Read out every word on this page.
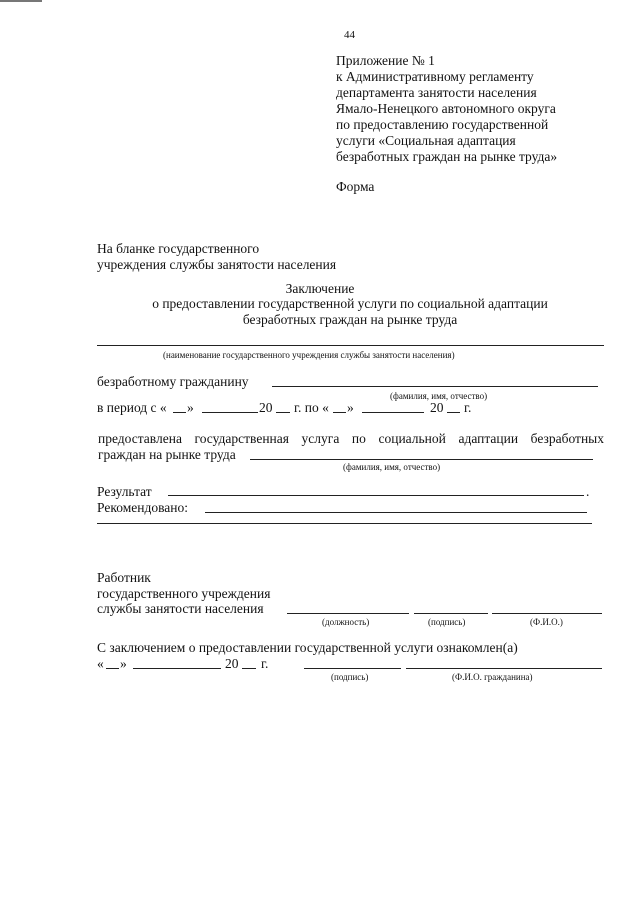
44
Приложение № 1
к Административному регламенту
департамента занятости населения
Ямало-Ненецкого автономного округа
по предоставлению государственной
услуги «Социальная адаптация
безработных граждан на рынке труда»
Форма
На бланке государственного
учреждения службы занятости населения
Заключение
о предоставлении государственной услуги по социальной адаптации
безработных граждан на рынке труда
(наименование государственного учреждения службы занятости населения)
безработному гражданину
(фамилия, имя, отчество)
в период с « »	20 г. по « »	20 г.
предоставлена государственная услуга по социальной адаптации безработных
граждан на рынке труда
(фамилия, имя, отчество)
Результат	.
Рекомендовано:
Работник
государственного учреждения
службы занятости населения
(должность)	(подпись)	(Ф.И.О.)
С заключением о предоставлении государственной услуги ознакомлен(а)
« »	20 г.
(подпись)	(Ф.И.О. гражданина)
